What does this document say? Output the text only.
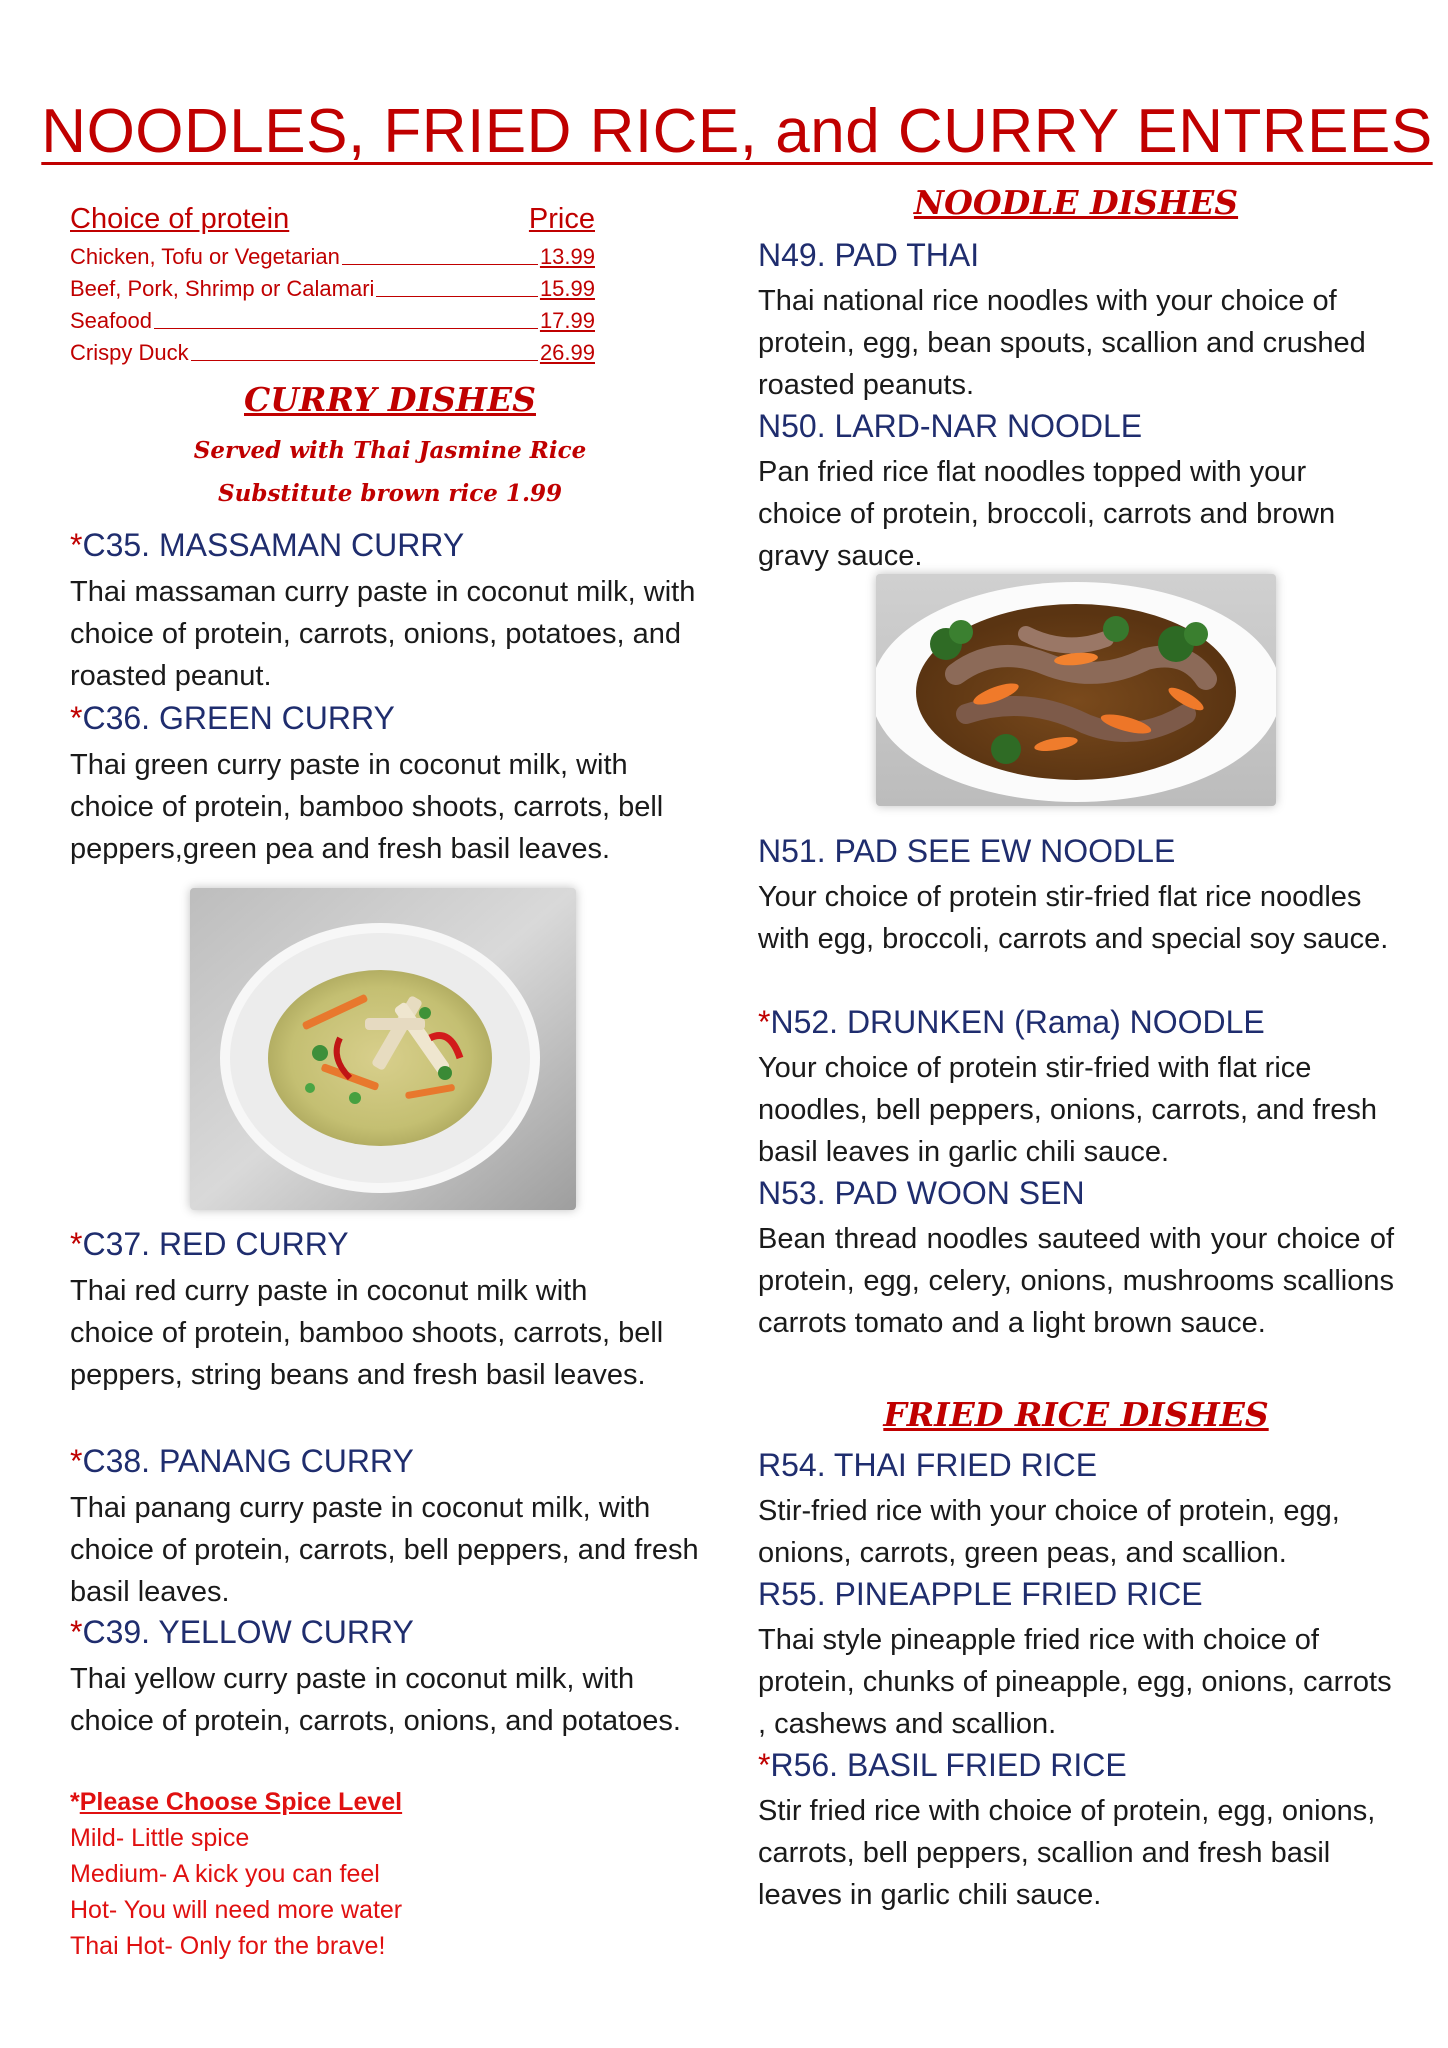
NOODLES, FRIED RICE, and CURRY ENTREES
Choice of protein	Price
Chicken, Tofu or Vegetarian	13.99
Beef, Pork, Shrimp or Calamari	15.99
Seafood	17.99
Crispy Duck	26.99
CURRY DISHES
Served with Thai Jasmine Rice
Substitute brown rice 1.99
*C35. MASSAMAN CURRY
Thai massaman curry paste in coconut milk, with choice of protein, carrots, onions, potatoes, and roasted peanut.
*C36. GREEN CURRY
Thai green curry paste in coconut milk, with choice of protein, bamboo shoots, carrots, bell peppers,green pea and fresh basil leaves.
*C37. RED CURRY
Thai red curry paste in coconut milk with choice of protein, bamboo shoots, carrots, bell peppers, string beans and fresh basil leaves.
*C38. PANANG CURRY
Thai panang curry paste in coconut milk, with choice of protein, carrots, bell peppers, and fresh basil leaves.
*C39. YELLOW CURRY
Thai yellow curry paste in coconut milk, with choice of protein, carrots, onions, and potatoes.
*Please Choose Spice Level
Mild- Little spice
Medium- A kick you can feel
Hot- You will need more water
Thai Hot- Only for the brave!
NOODLE DISHES
N49. PAD THAI
Thai national rice noodles with your choice of protein, egg, bean spouts, scallion and crushed roasted peanuts.
N50. LARD-NAR NOODLE
Pan fried rice flat noodles topped with your choice of protein, broccoli, carrots and brown gravy sauce.
N51. PAD SEE EW NOODLE
Your choice of protein stir-fried flat rice noodles with egg, broccoli, carrots and special soy sauce.
*N52. DRUNKEN (Rama) NOODLE
Your choice of protein stir-fried with flat rice noodles, bell peppers, onions, carrots, and fresh basil leaves in garlic chili sauce.
N53. PAD WOON SEN
Bean thread noodles sauteed with your choice of protein, egg, celery, onions, mushrooms scallions carrots tomato and a light brown sauce.
FRIED RICE DISHES
R54. THAI FRIED RICE
Stir-fried rice with your choice of protein, egg, onions, carrots, green peas, and scallion.
R55. PINEAPPLE FRIED RICE
Thai style pineapple fried rice with choice of protein, chunks of pineapple, egg, onions, carrots , cashews and scallion.
*R56. BASIL FRIED RICE
Stir fried rice with choice of protein, egg, onions, carrots, bell peppers, scallion and fresh basil leaves in garlic chili sauce.
